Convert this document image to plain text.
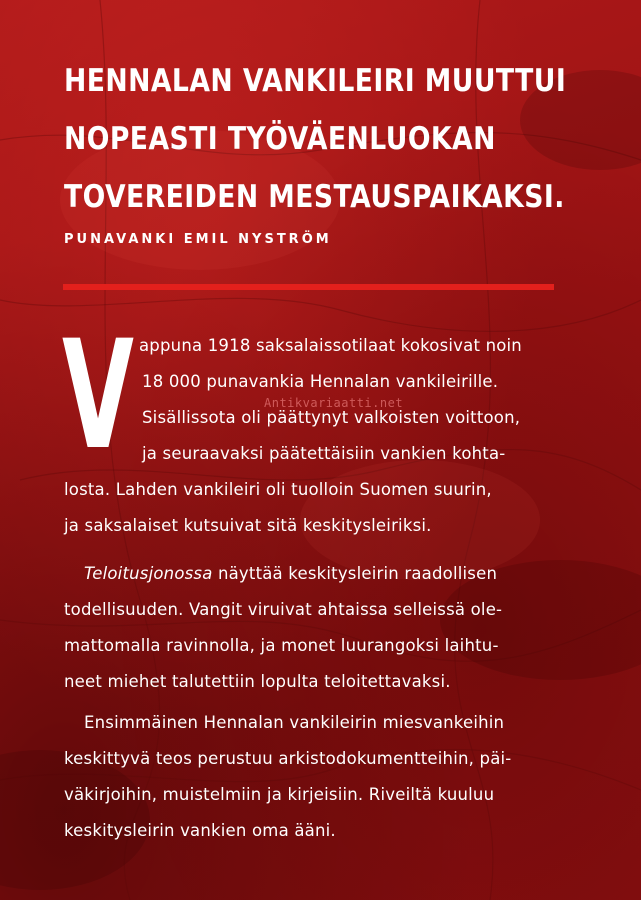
HENNALAN VANKILEIRI MUUTTUI
NOPEASTI TYÖVÄENLUOKAN
TOVEREIDEN MESTAUSPAIKAKSI.

PUNAVANKI EMIL NYSTRÖM

V appuna 1918 saksalaissotilaat kokosivat noin

18 000 punavankia Hennalan vankileirille.

Sisällissota oli päättynyt valkoisten voittoon,

ja seuraavaksi päätettäisiin vankien kohta-

losta. Lahden vankileiri oli tuolloin Suomen suurin,

ja saksalaiset kutsuivat sitä keskitysleiriksi.

Teloitusjonossa näyttää keskitysleirin raadollisen

todellisuuden. Vangit viruivat ahtaissa selleissä ole-

mattomalla ravinnolla, ja monet luurangoksi laihtu-

neet miehet talutettiin lopulta teloitettavaksi.

Ensimmäinen Hennalan vankileirin miesvankeihin

keskittyvä teos perustuu arkistodokumentteihin, päi-

väkirjoihin, muistelmiin ja kirjeisiin. Riveiltä kuuluu

keskitysleirin vankien oma ääni.

Antikvariaatti.net
